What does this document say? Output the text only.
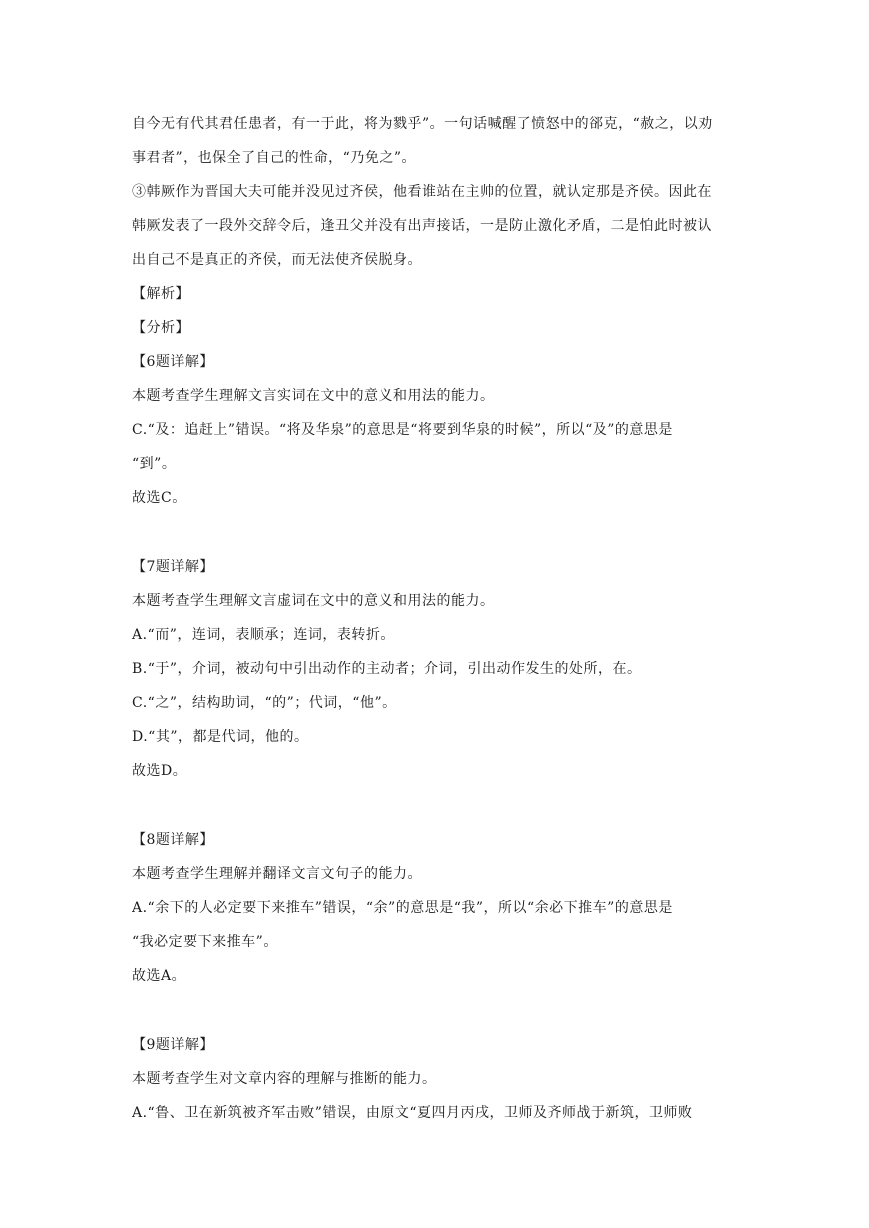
自今无有代其君任患者，有一于此，将为戮乎”。一句话喊醒了愤怒中的郤克，“赦之，以劝
事君者”，也保全了自己的性命，“乃免之”。
③韩厥作为晋国大夫可能并没见过齐侯，他看谁站在主帅的位置，就认定那是齐侯。因此在
韩厥发表了一段外交辞令后，逢丑父并没有出声接话，一是防止激化矛盾，二是怕此时被认
出自己不是真正的齐侯，而无法使齐侯脱身。
【解析】
【分析】
【6题详解】
本题考查学生理解文言实词在文中的意义和用法的能力。
C.“及：追赶上”错误。“将及华泉”的意思是“将要到华泉的时候”，所以“及”的意思是
“到”。
故选C。
【7题详解】
本题考查学生理解文言虚词在文中的意义和用法的能力。
A.“而”，连词，表顺承；连词，表转折。
B.“于”，介词，被动句中引出动作的主动者；介词，引出动作发生的处所，在。
C.“之”，结构助词，“的”；代词，“他”。
D.“其”，都是代词，他的。
故选D。
【8题详解】
本题考查学生理解并翻译文言文句子的能力。
A.“余下的人必定要下来推车”错误，“余”的意思是“我”，所以“余必下推车”的意思是
“我必定要下来推车”。
故选A。
【9题详解】
本题考查学生对文章内容的理解与推断的能力。
A.“鲁、卫在新筑被齐军击败”错误，由原文“夏四月丙戌，卫师及齐师战于新筑，卫师败
